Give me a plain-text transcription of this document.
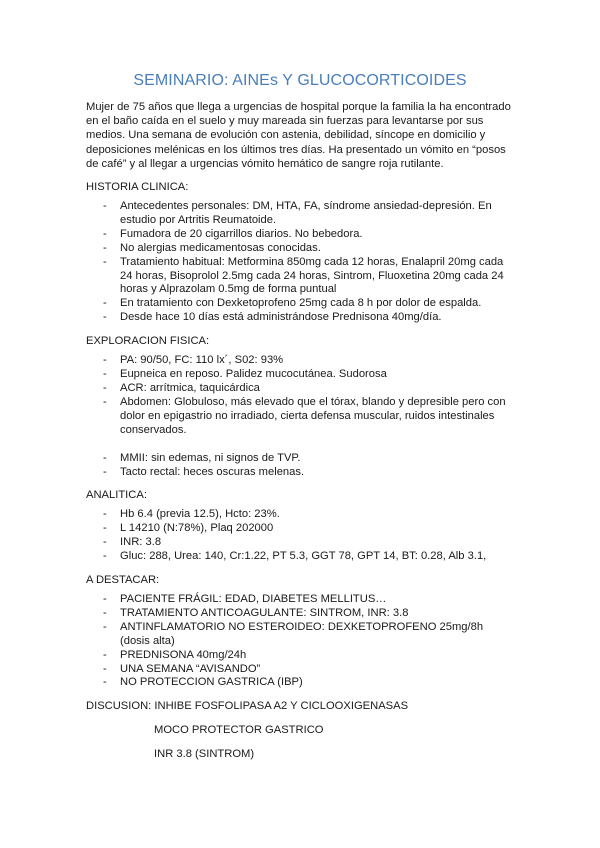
SEMINARIO: AINEs Y GLUCOCORTICOIDES

Mujer de 75 años que llega a urgencias de hospital porque la familia la ha encontrado en el baño caída en el suelo y muy mareada sin fuerzas para levantarse por sus medios. Una semana de evolución con astenia, debilidad, síncope en domicilio y deposiciones melénicas en los últimos tres días. Ha presentado un vómito en “posos de café” y al llegar a urgencias vómito hemático de sangre roja rutilante.

HISTORIA CLINICA:
- Antecedentes personales: DM, HTA, FA, síndrome ansiedad-depresión. En estudio por Artritis Reumatoide.
- Fumadora de 20 cigarrillos diarios. No bebedora.
- No alergias medicamentosas conocidas.
- Tratamiento habitual: Metformina 850mg cada 12 horas, Enalapril 20mg cada 24 horas, Bisoprolol 2.5mg cada 24 horas, Sintrom, Fluoxetina 20mg cada 24 horas y Alprazolam 0.5mg de forma puntual
- En tratamiento con Dexketoprofeno 25mg cada 8 h por dolor de espalda.
- Desde hace 10 días está administrándose Prednisona 40mg/día.
EXPLORACION FISICA:
- PA: 90/50, FC: 110 lx´, S02: 93%
- Eupneica en reposo. Palidez mucocutánea. Sudorosa
- ACR: arrítmica, taquicárdica
- Abdomen: Globuloso, más elevado que el tórax, blando y depresible pero con dolor en epigastrio no irradiado, cierta defensa muscular, ruidos intestinales conservados.
- MMII: sin edemas, ni signos de TVP.
- Tacto rectal: heces oscuras melenas.
ANALITICA:
- Hb 6.4 (previa 12.5), Hcto: 23%.
- L 14210 (N:78%), Plaq 202000
- INR: 3.8
- Gluc: 288, Urea: 140, Cr:1.22, PT 5.3, GGT 78, GPT 14, BT: 0.28, Alb 3.1,
A DESTACAR:
- PACIENTE FRÁGIL: EDAD, DIABETES MELLITUS…
- TRATAMIENTO ANTICOAGULANTE: SINTROM, INR: 3.8
- ANTINFLAMATORIO NO ESTEROIDEO: DEXKETOPROFENO 25mg/8h (dosis alta)
- PREDNISONA 40mg/24h
- UNA SEMANA “AVISANDO”
- NO PROTECCION GASTRICA (IBP)
DISCUSION: INHIBE FOSFOLIPASA A2 Y CICLOOXIGENASAS
MOCO PROTECTOR GASTRICO
INR 3.8 (SINTROM)
